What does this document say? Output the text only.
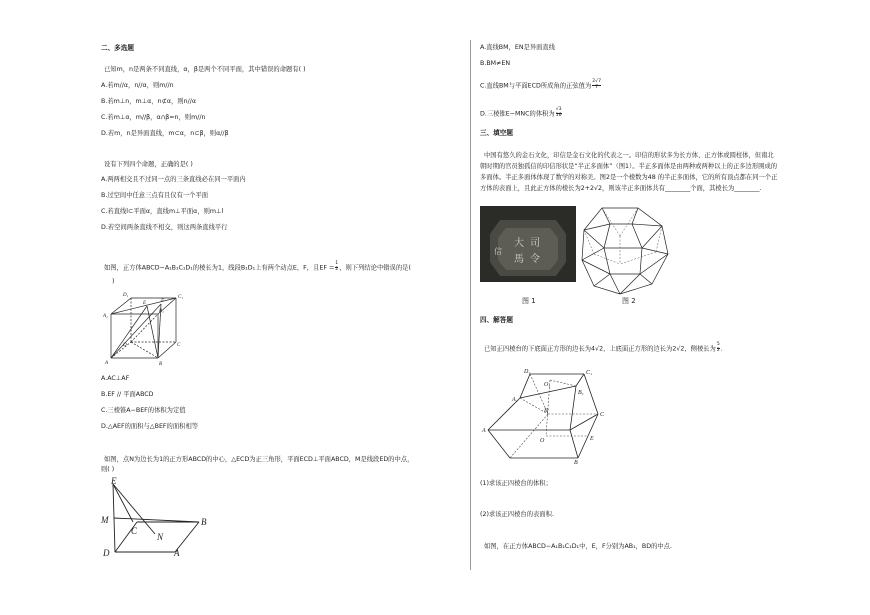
二、多选题
已知m，n是两条不同直线，α，β是两个不同平面，其中错误的命题有( )
A.若m//α，n//α，则m//n
B.若m⊥n，m⊥α，n⊄α，则n//α
C.若m⊥α，m//β，α∩β=n，则m//n
D.若m，n是异面直线，m⊂α，n⊂β，则α//β
设有下列四个命题，正确的是( )
A.两两相交且不过同一点的三条直线必在同一平面内
B.过空间中任意三点有且仅有一个平面
C.若直线l⊂平面α，直线m⊥平面α，则m⊥l
D.若空间两条直线不相交，则这两条直线平行
如图，正方体ABCD−A₁B₁C₁D₁的棱长为1，线段B₁D₁上有两个动点E，F，且EF = $\frac{1}{2}$ ，则下列结论中错误的是(
)
D₁
A₁
C₁
B₁
E	F
D
A
C
B
A.AC⊥AF
B.EF // 平面ABCD
C.三棱锥A−BEF的体积为定值
D.△AEF的面积与△BEF的面积相等
如图，点N为边长为1的正方形ABCD的中心，△ECD为正三角形，平面ECD⊥平面ABCD，M是线段ED的中点，
则( )
E
M
C
N
B
D	A
A.直线BM，EN是异面直线
B.BM≠EN
C.直线BM与平面ECD所成角的正弦值为 $\frac{2√7}{7}$
D.三棱锥E−MNC的体积为 $\frac{√3}{16}$
三、填空题
中国有悠久的金石文化，印信是金石文化的代表之一。印信的形状多为长方体、正方体或圆柱体，但南北
朝时期的官员独孤信的印信形状是“半正多面体”（图1）。半正多面体是由两种或两种以上的正多边形围成的
多面体。半正多面体体现了数学的对称美。图2是一个棱数为48 的半正多面体，它的所有顶点都在同一个正
方体的表面上，且此正方体的棱长为2+2√2，则该半正多面体共有________个面，其棱长为________.
大 司
馬 令
信
图 1	图 2
四、解答题
已知正四棱台的下底面正方形的边长为4√2，上底面正方形的边长为2√2，侧棱长为 $\frac{5}{2}$ .
D₁	C₁
O₁
A₁
B₁
D
C
E
O
A
B
(1)求该正四棱台的体积；
(2)求该正四棱台的表面积.
如图，在正方体ABCD−A₁B₁C₁D₁中，E，F分别为AB₁，BD的中点.
